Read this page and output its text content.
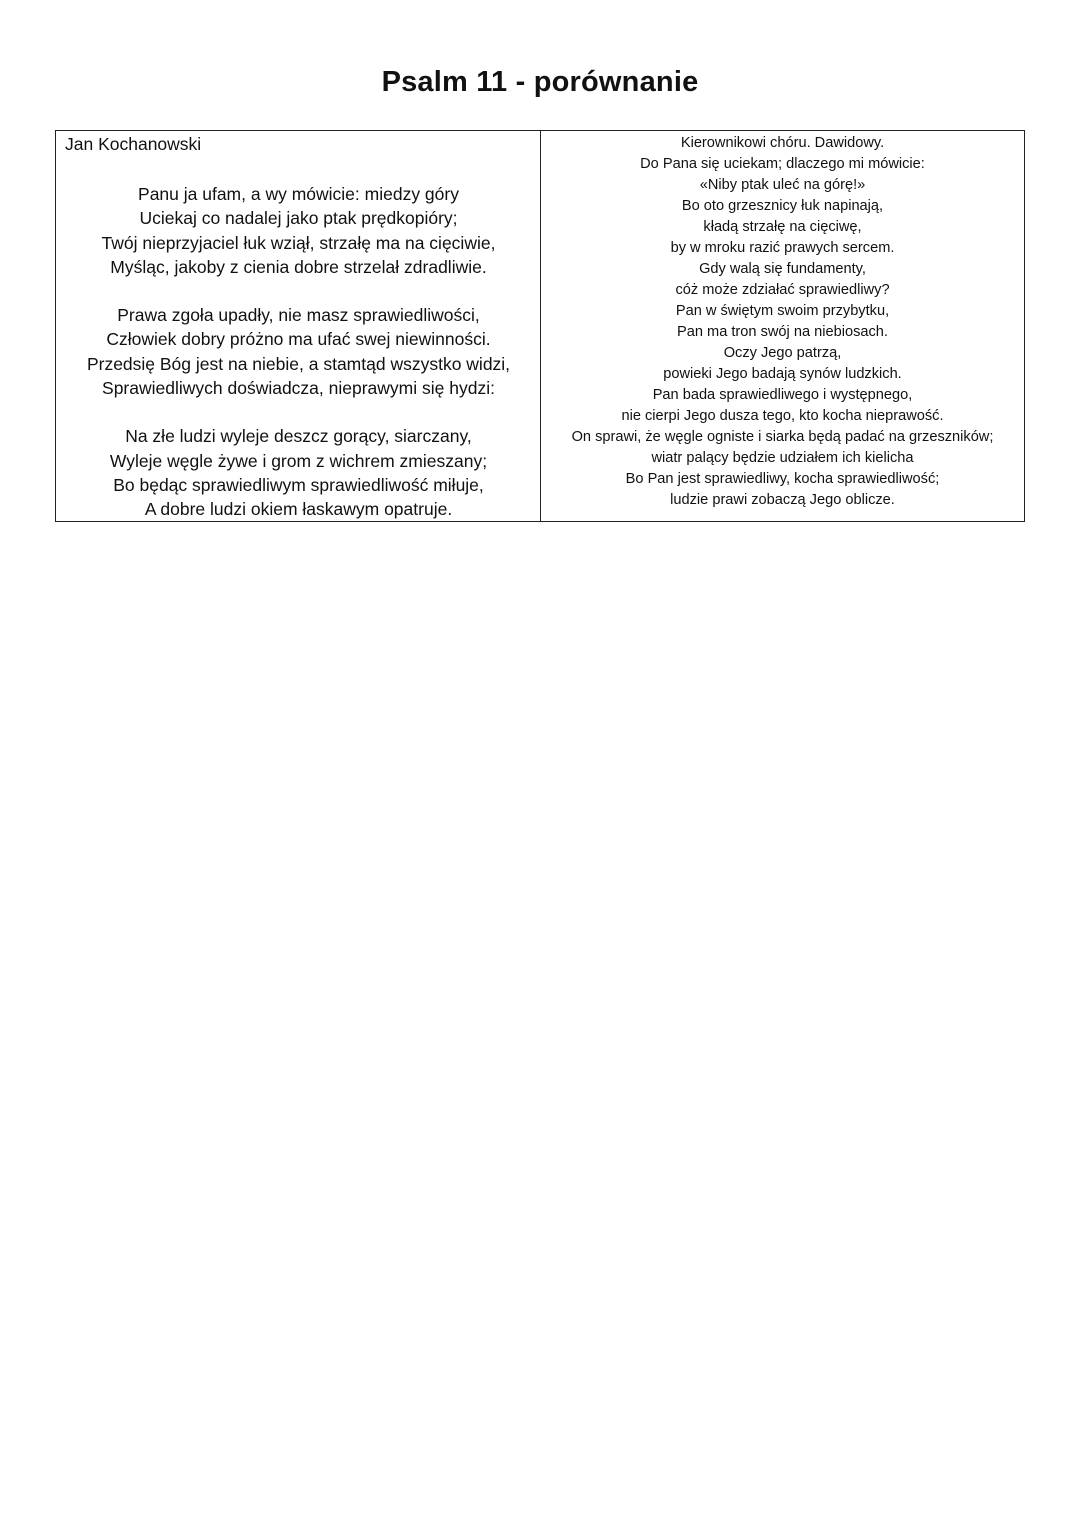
Psalm 11 - porównanie

Jan Kochanowski

Panu ja ufam, a wy mówicie: miedzy góry
Uciekaj co nadalej jako ptak prędkopióry;
Twój nieprzyjaciel łuk wziął, strzałę ma na cięciwie,
Myśląc, jakoby z cienia dobre strzelał zdradliwie.
Prawa zgoła upadły, nie masz sprawiedliwości,
Człowiek dobry próżno ma ufać swej niewinności.
Przedsię Bóg jest na niebie, a stamtąd wszystko widzi,
Sprawiedliwych doświadcza, nieprawymi się hydzi:
Na złe ludzi wyleje deszcz gorący, siarczany,
Wyleje węgle żywe i grom z wichrem zmieszany;
Bo będąc sprawiedliwym sprawiedliwość miłuje,
A dobre ludzi okiem łaskawym opatruje.
Kierownikowi chóru. Dawidowy.
Do Pana się uciekam; dlaczego mi mówicie:
«Niby ptak uleć na górę!»
Bo oto grzesznicy łuk napinają,
kładą strzałę na cięciwę,
by w mroku razić prawych sercem.
Gdy walą się fundamenty,
cóż może zdziałać sprawiedliwy?
Pan w świętym swoim przybytku,
Pan ma tron swój na niebiosach.
Oczy Jego patrzą,
powieki Jego badają synów ludzkich.
Pan bada sprawiedliwego i występnego,
nie cierpi Jego dusza tego, kto kocha nieprawość.
On sprawi, że węgle ogniste i siarka będą padać na grzeszników;
wiatr palący będzie udziałem ich kielicha
Bo Pan jest sprawiedliwy, kocha sprawiedliwość;
ludzie prawi zobaczą Jego oblicze.
